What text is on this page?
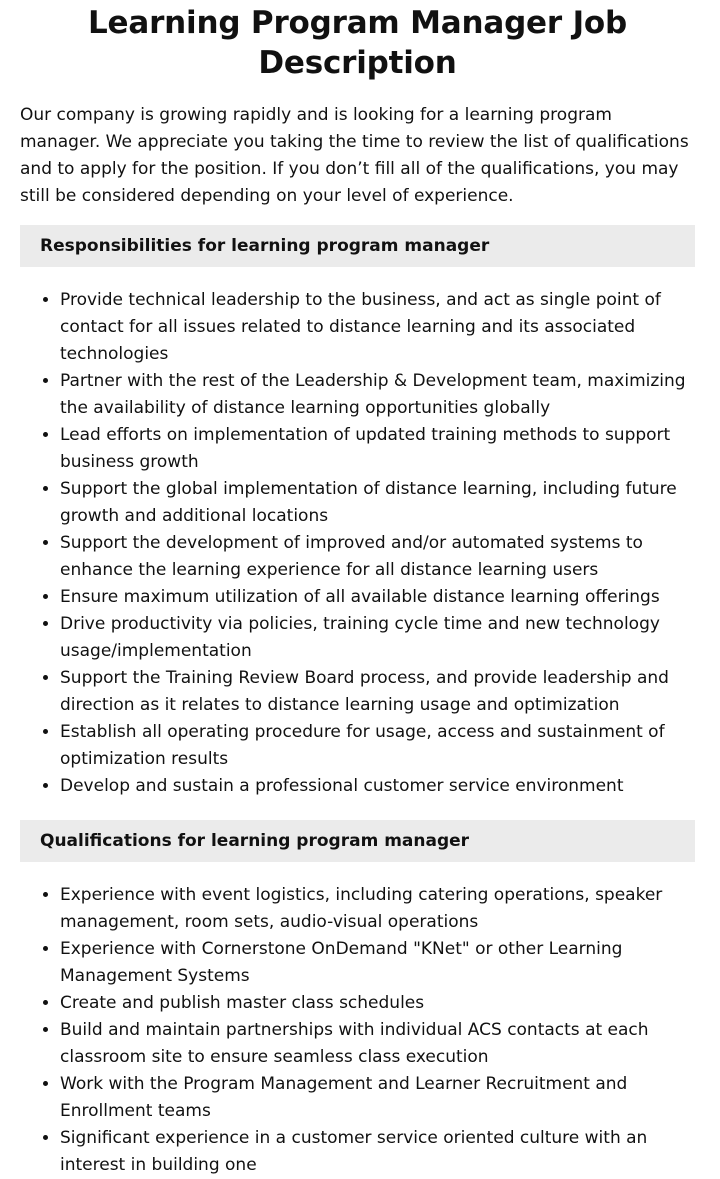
Learning Program Manager Job Description

Our company is growing rapidly and is looking for a learning program manager. We appreciate you taking the time to review the list of qualifications and to apply for the position. If you don’t fill all of the qualifications, you may still be considered depending on your level of experience.

Responsibilities for learning program manager
• Provide technical leadership to the business, and act as single point of contact for all issues related to distance learning and its associated technologies
• Partner with the rest of the Leadership & Development team, maximizing the availability of distance learning opportunities globally
• Lead efforts on implementation of updated training methods to support business growth
• Support the global implementation of distance learning, including future growth and additional locations
• Support the development of improved and/or automated systems to enhance the learning experience for all distance learning users
• Ensure maximum utilization of all available distance learning offerings
• Drive productivity via policies, training cycle time and new technology usage/implementation
• Support the Training Review Board process, and provide leadership and direction as it relates to distance learning usage and optimization
• Establish all operating procedure for usage, access and sustainment of optimization results
• Develop and sustain a professional customer service environment
Qualifications for learning program manager
• Experience with event logistics, including catering operations, speaker management, room sets, audio-visual operations
• Experience with Cornerstone OnDemand "KNet" or other Learning Management Systems
• Create and publish master class schedules
• Build and maintain partnerships with individual ACS contacts at each classroom site to ensure seamless class execution
• Work with the Program Management and Learner Recruitment and Enrollment teams
• Significant experience in a customer service oriented culture with an interest in building one
